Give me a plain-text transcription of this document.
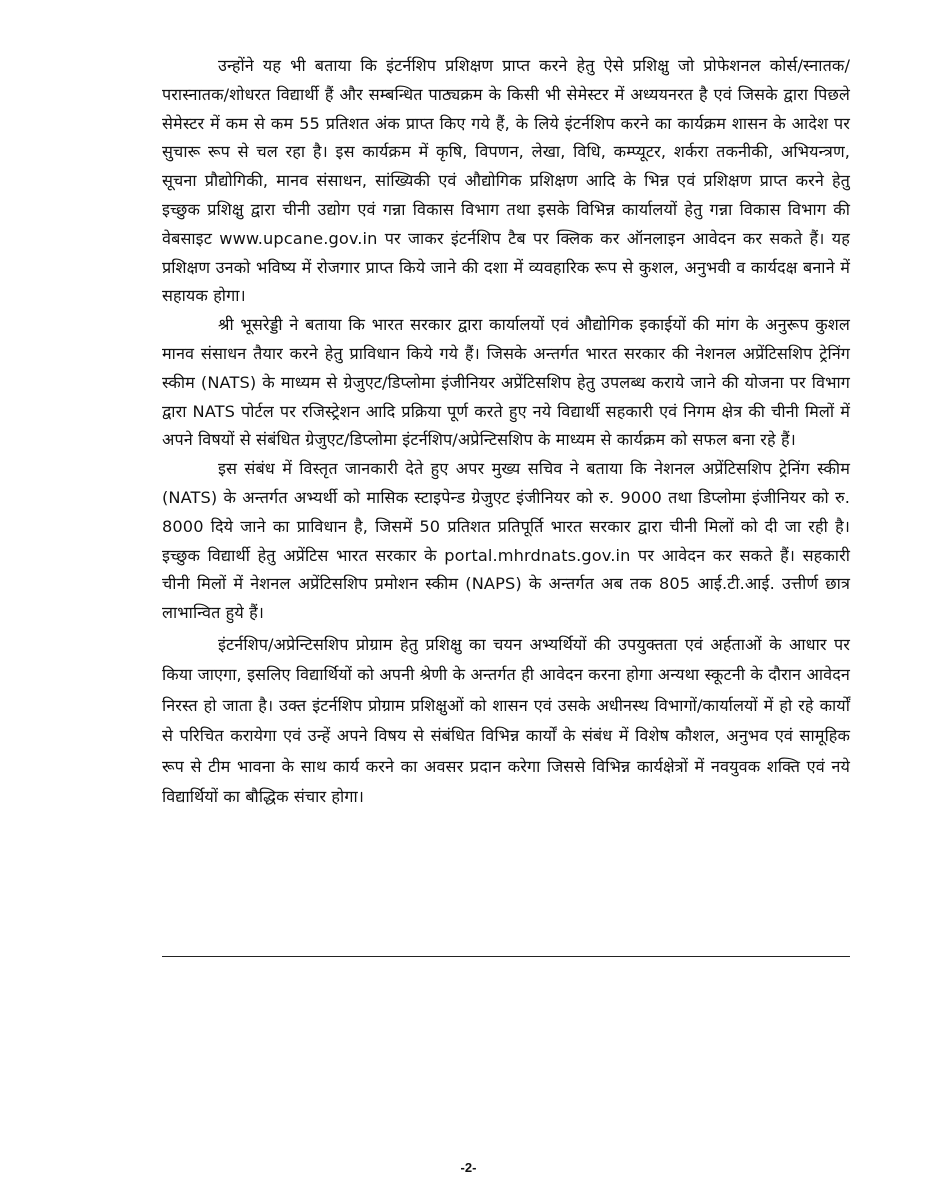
उन्होंने यह भी बताया कि इंटर्नशिप प्रशिक्षण प्राप्त करने हेतु ऐसे प्रशिक्षु जो प्रोफेशनल कोर्स/स्नातक/परास्नातक/शोधरत विद्यार्थी हैं और सम्बन्धित पाठ्यक्रम के किसी भी सेमेस्टर में अध्ययनरत है एवं जिसके द्वारा पिछले सेमेस्टर में कम से कम 55 प्रतिशत अंक प्राप्त किए गये हैं, के लिये इंटर्नशिप करने का कार्यक्रम शासन के आदेश पर सुचारू रूप से चल रहा है। इस कार्यक्रम में कृषि, विपणन, लेखा, विधि, कम्प्यूटर, शर्करा तकनीकी, अभियन्त्रण, सूचना प्रौद्योगिकी, मानव संसाधन, सांख्यिकी एवं औद्योगिक प्रशिक्षण आदि के भिन्न एवं प्रशिक्षण प्राप्त करने हेतु इच्छुक प्रशिक्षु द्वारा चीनी उद्योग एवं गन्ना विकास विभाग तथा इसके विभिन्न कार्यालयों हेतु गन्ना विकास विभाग की वेबसाइट www.upcane.gov.in पर जाकर इंटर्नशिप टैब पर क्लिक कर ऑनलाइन आवेदन कर सकते हैं। यह प्रशिक्षण उनको भविष्य में रोजगार प्राप्त किये जाने की दशा में व्यवहारिक रूप से कुशल, अनुभवी व कार्यदक्ष बनाने में सहायक होगा।

श्री भूसरेड्डी ने बताया कि भारत सरकार द्वारा कार्यालयों एवं औद्योगिक इकाईयों की मांग के अनुरूप कुशल मानव संसाधन तैयार करने हेतु प्राविधान किये गये हैं। जिसके अन्तर्गत भारत सरकार की नेशनल अप्रेंटिसशिप ट्रेनिंग स्कीम (NATS) के माध्यम से ग्रेजुएट/डिप्लोमा इंजीनियर अप्रेंटिसशिप हेतु उपलब्ध कराये जाने की योजना पर विभाग द्वारा NATS पोर्टल पर रजिस्ट्रेशन आदि प्रक्रिया पूर्ण करते हुए नये विद्यार्थी सहकारी एवं निगम क्षेत्र की चीनी मिलों में अपने विषयों से संबंधित ग्रेजुएट/डिप्लोमा इंटर्नशिप/अप्रेन्टिसशिप के माध्यम से कार्यक्रम को सफल बना रहे हैं।

इस संबंध में विस्तृत जानकारी देते हुए अपर मुख्य सचिव ने बताया कि नेशनल अप्रेंटिसशिप ट्रेनिंग स्कीम (NATS) के अन्तर्गत अभ्यर्थी को मासिक स्टाइपेन्ड ग्रेजुएट इंजीनियर को रु. 9000 तथा डिप्लोमा इंजीनियर को रु. 8000 दिये जाने का प्राविधान है, जिसमें 50 प्रतिशत प्रतिपूर्ति भारत सरकार द्वारा चीनी मिलों को दी जा रही है। इच्छुक विद्यार्थी हेतु अप्रेंटिस भारत सरकार के portal.mhrdnats.gov.in पर आवेदन कर सकते हैं। सहकारी चीनी मिलों में नेशनल अप्रेंटिसशिप प्रमोशन स्कीम (NAPS) के अन्तर्गत अब तक 805 आई.टी.आई. उत्तीर्ण छात्र लाभान्वित हुये हैं।

इंटर्नशिप/अप्रेन्टिसशिप प्रोग्राम हेतु प्रशिक्षु का चयन अभ्यर्थियों की उपयुक्तता एवं अर्हताओं के आधार पर किया जाएगा, इसलिए विद्यार्थियों को अपनी श्रेणी के अन्तर्गत ही आवेदन करना होगा अन्यथा स्कूटनी के दौरान आवेदन निरस्त हो जाता है। उक्त इंटर्नशिप प्रोग्राम प्रशिक्षुओं को शासन एवं उसके अधीनस्थ विभागों/कार्यालयों में हो रहे कार्यों से परिचित करायेगा एवं उन्हें अपने विषय से संबंधित विभिन्न कार्यों के संबंध में विशेष कौशल, अनुभव एवं सामूहिक रूप से टीम भावना के साथ कार्य करने का अवसर प्रदान करेगा जिससे विभिन्न कार्यक्षेत्रों में नवयुवक शक्ति एवं नये विद्यार्थियों का बौद्धिक संचार होगा।

-2-
